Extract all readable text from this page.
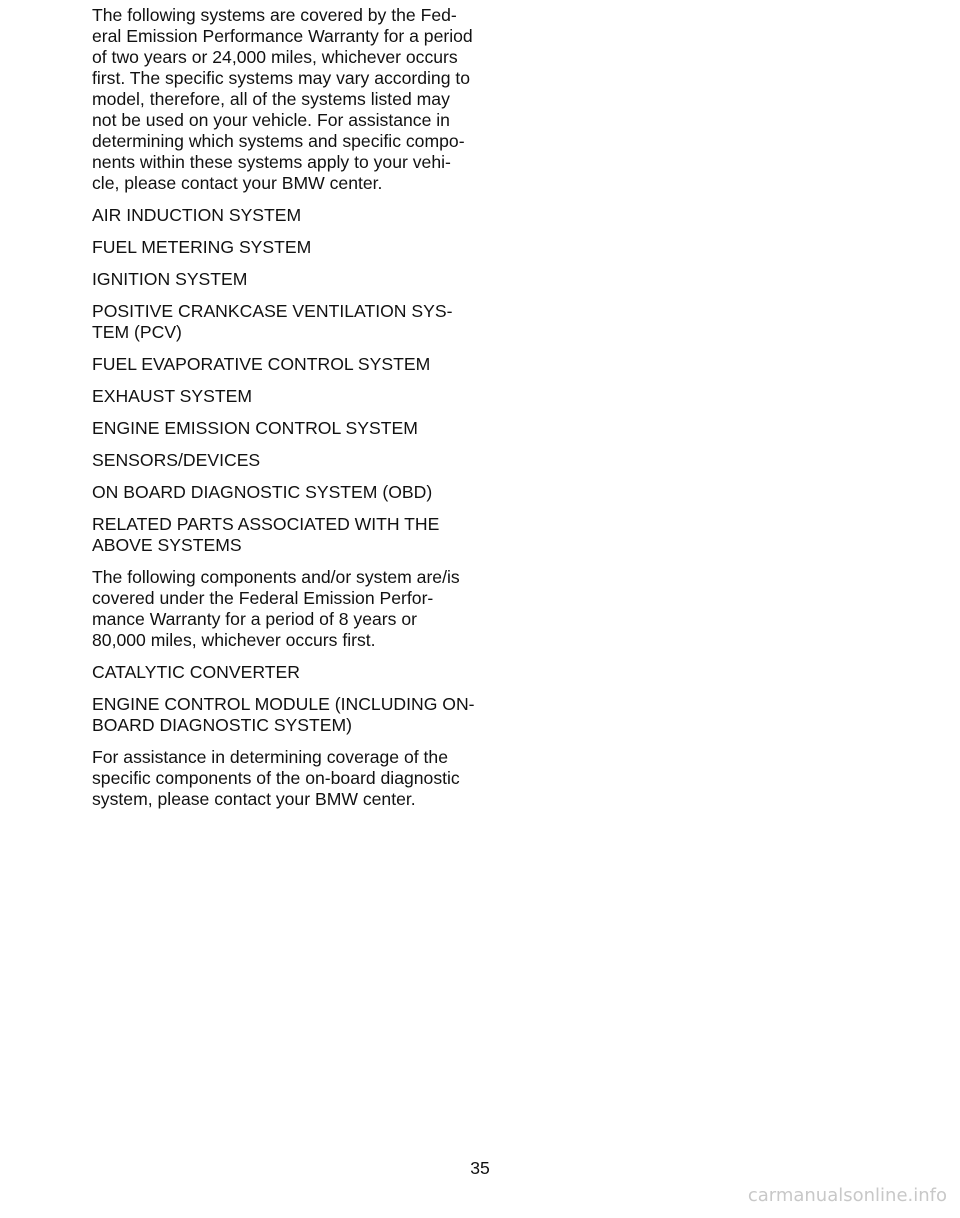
The following systems are covered by the Fed-
eral Emission Performance Warranty for a period
of two years or 24,000 miles, whichever occurs
first. The specific systems may vary according to
model, therefore, all of the systems listed may
not be used on your vehicle. For assistance in
determining which systems and specific compo-
nents within these systems apply to your vehi-
cle, please contact your BMW center.

AIR INDUCTION SYSTEM

FUEL METERING SYSTEM

IGNITION SYSTEM

POSITIVE CRANKCASE VENTILATION SYS-
TEM (PCV)

FUEL EVAPORATIVE CONTROL SYSTEM

EXHAUST SYSTEM

ENGINE EMISSION CONTROL SYSTEM

SENSORS/DEVICES

ON BOARD DIAGNOSTIC SYSTEM (OBD)

RELATED PARTS ASSOCIATED WITH THE
ABOVE SYSTEMS

The following components and/or system are/is
covered under the Federal Emission Perfor-
mance Warranty for a period of 8 years or
80,000 miles, whichever occurs first.

CATALYTIC CONVERTER

ENGINE CONTROL MODULE (INCLUDING ON-
BOARD DIAGNOSTIC SYSTEM)

For assistance in determining coverage of the
specific components of the on-board diagnostic
system, please contact your BMW center.

35
carmanualsonline.info
